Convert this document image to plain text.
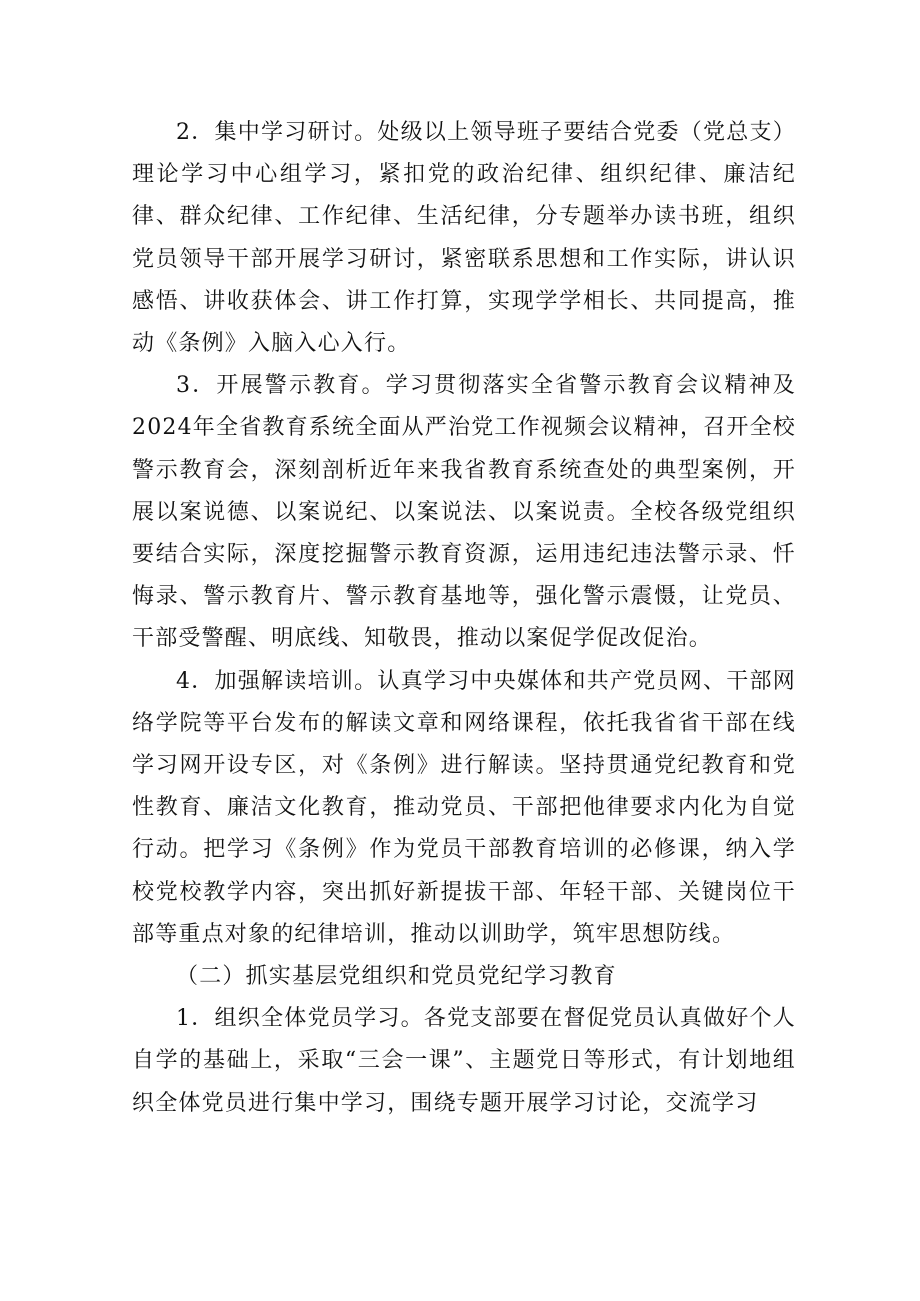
2．集中学习研讨。处级以上领导班子要结合党委（党总支）理论学习中心组学习，紧扣党的政治纪律、组织纪律、廉洁纪律、群众纪律、工作纪律、生活纪律，分专题举办读书班，组织党员领导干部开展学习研讨，紧密联系思想和工作实际，讲认识感悟、讲收获体会、讲工作打算，实现学学相长、共同提高，推动《条例》入脑入心入行。

3．开展警示教育。学习贯彻落实全省警示教育会议精神及2024年全省教育系统全面从严治党工作视频会议精神，召开全校警示教育会，深刻剖析近年来我省教育系统查处的典型案例，开展以案说德、以案说纪、以案说法、以案说责。全校各级党组织要结合实际，深度挖掘警示教育资源，运用违纪违法警示录、忏悔录、警示教育片、警示教育基地等，强化警示震慑，让党员、干部受警醒、明底线、知敬畏，推动以案促学促改促治。

4．加强解读培训。认真学习中央媒体和共产党员网、干部网络学院等平台发布的解读文章和网络课程，依托我省省干部在线学习网开设专区，对《条例》进行解读。坚持贯通党纪教育和党性教育、廉洁文化教育，推动党员、干部把他律要求内化为自觉行动。把学习《条例》作为党员干部教育培训的必修课，纳入学校党校教学内容，突出抓好新提拔干部、年轻干部、关键岗位干部等重点对象的纪律培训，推动以训助学，筑牢思想防线。

（二）抓实基层党组织和党员党纪学习教育

1．组织全体党员学习。各党支部要在督促党员认真做好个人自学的基础上，采取“三会一课”、主题党日等形式，有计划地组织全体党员进行集中学习，围绕专题开展学习讨论，交流学习
